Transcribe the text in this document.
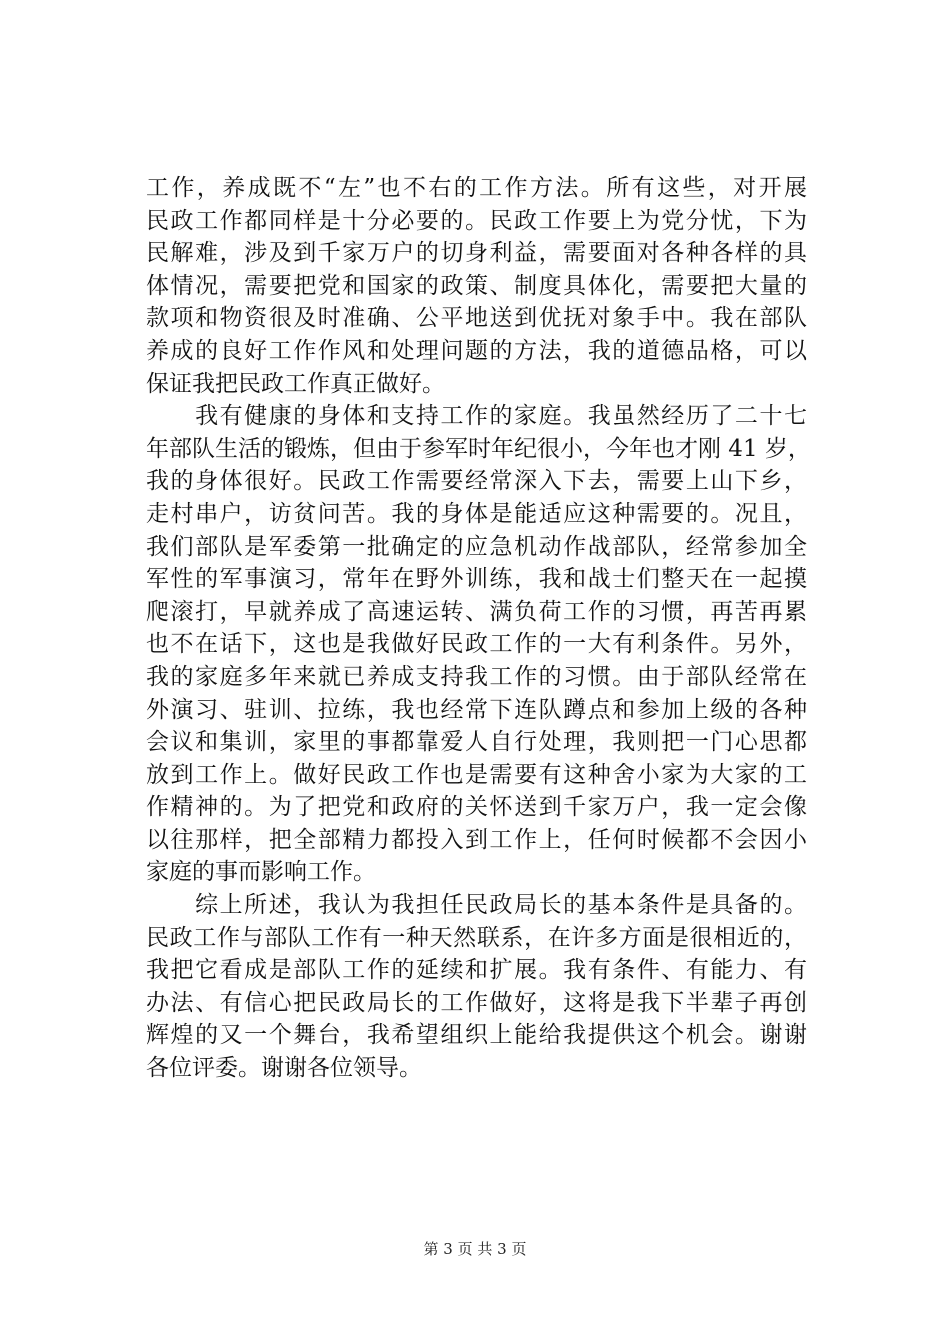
工作，养成既不“左”也不右的工作方法。所有这些，对开展
民政工作都同样是十分必要的。民政工作要上为党分忧，下为
民解难，涉及到千家万户的切身利益，需要面对各种各样的具
体情况，需要把党和国家的政策、制度具体化，需要把大量的
款项和物资很及时准确、公平地送到优抚对象手中。我在部队
养成的良好工作作风和处理问题的方法，我的道德品格，可以
保证我把民政工作真正做好。
　　我有健康的身体和支持工作的家庭。我虽然经历了二十七
年部队生活的锻炼，但由于参军时年纪很小，今年也才刚 41 岁，
我的身体很好。民政工作需要经常深入下去，需要上山下乡，
走村串户，访贫问苦。我的身体是能适应这种需要的。况且，
我们部队是军委第一批确定的应急机动作战部队，经常参加全
军性的军事演习，常年在野外训练，我和战士们整天在一起摸
爬滚打，早就养成了高速运转、满负荷工作的习惯，再苦再累
也不在话下，这也是我做好民政工作的一大有利条件。另外，
我的家庭多年来就已养成支持我工作的习惯。由于部队经常在
外演习、驻训、拉练，我也经常下连队蹲点和参加上级的各种
会议和集训，家里的事都靠爱人自行处理，我则把一门心思都
放到工作上。做好民政工作也是需要有这种舍小家为大家的工
作精神的。为了把党和政府的关怀送到千家万户，我一定会像
以往那样，把全部精力都投入到工作上，任何时候都不会因小
家庭的事而影响工作。
　　综上所述，我认为我担任民政局长的基本条件是具备的。
民政工作与部队工作有一种天然联系，在许多方面是很相近的，
我把它看成是部队工作的延续和扩展。我有条件、有能力、有
办法、有信心把民政局长的工作做好，这将是我下半辈子再创
辉煌的又一个舞台，我希望组织上能给我提供这个机会。谢谢
各位评委。谢谢各位领导。
第 3 页 共 3 页
